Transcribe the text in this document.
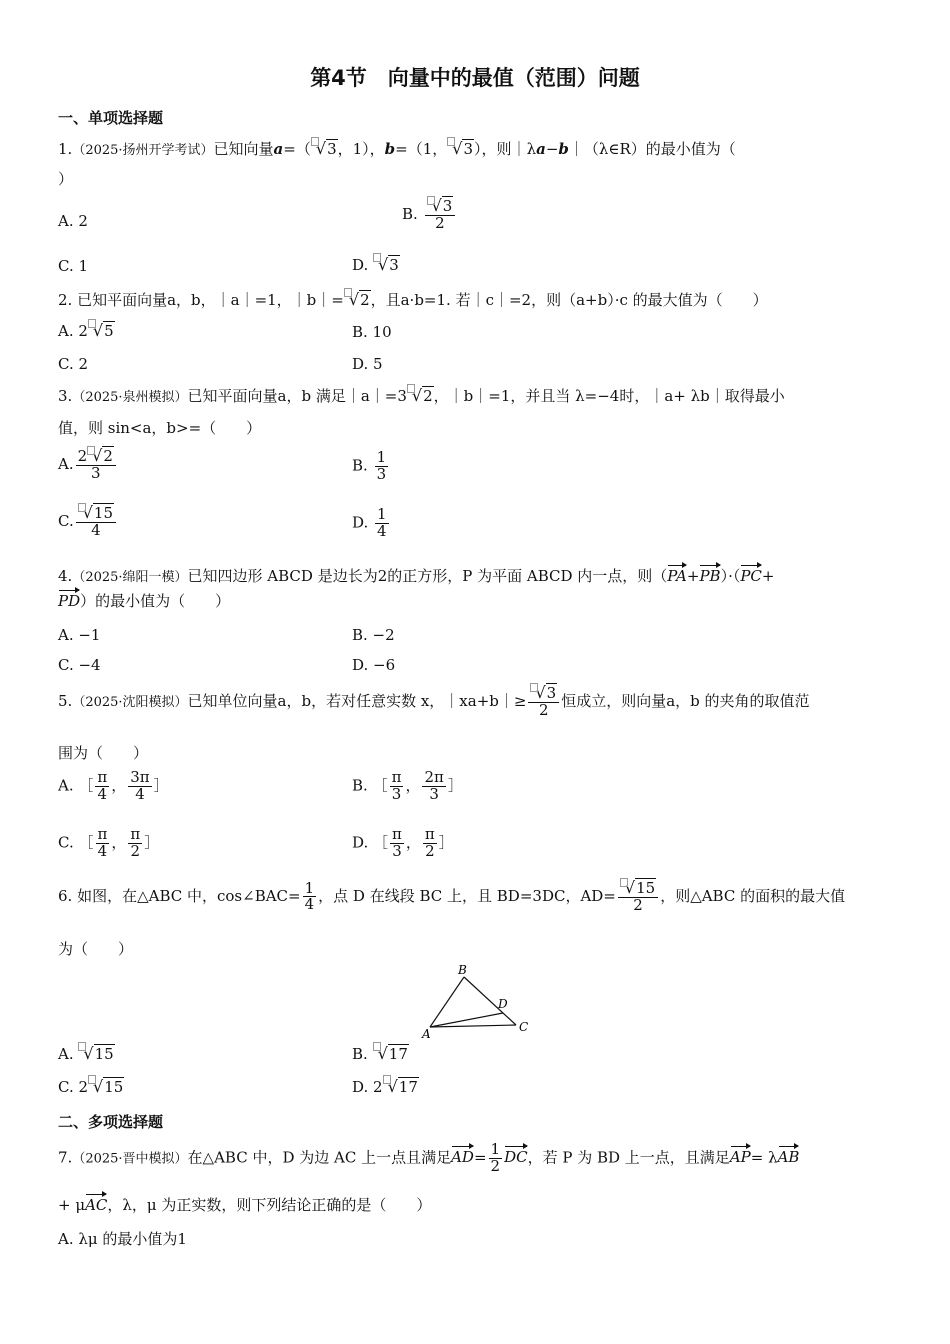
第4节　向量中的最值（范围）问题
一、单项选择题
1.（2025·扬州开学考试）已知向量a=（ √3，1），b=（1， √3），则｜λa−b｜（λ∈R）的最小值为（
）
A. 2	B. $\frac{√3}{2}$
C. 1	D. √3
2. 已知平面向量a，b，｜a｜=1，｜b｜= √2，且a·b=1. 若｜c｜=2，则（a+b）·c 的最大值为（　　）
A. 2 √5	B. 10
C. 2	D. 5
3.（2025·泉州模拟）已知平面向量a，b 满足｜a｜=3 √2，｜b｜=1，并且当 λ=−4时，｜a+ λb｜取得最小
值，则 sin<a，b>=（　　）
A. $\frac{2 √2}{3}$	B. $\frac{1}{3}$
C. $\frac{√15}{4}$	D. $\frac{1}{4}$
4.（2025·绵阳一模）已知四边形 ABCD 是边长为2的正方形，P 为平面 ABCD 内一点，则（PA+PB）·（PC+
PD）的最小值为（　　）
A. −1	B. −2
C. −4	D. −6
5.（2025·沈阳模拟）已知单位向量a，b，若对任意实数 x，｜xa+b｜≥ $\frac{√3}{2}$ 恒成立，则向量a，b 的夹角的取值范
围为（　　）
A. ［ $\frac{\pi}{4}$ ， $\frac{3\pi}{4}$ ］	B. ［ $\frac{\pi}{3}$ ， $\frac{2\pi}{3}$ ］
C. ［ $\frac{\pi}{4}$ ， $\frac{\pi}{2}$ ］	D. ［ $\frac{\pi}{3}$ ， $\frac{\pi}{2}$ ］
6. 如图，在△ABC 中，cos∠BAC= $\frac{1}{4}$ ，点 D 在线段 BC 上，且 BD=3DC，$AD= \frac{√15}{2}$ ，则△ABC 的面积的最大值
为（　　）
B
D
A	C
A. √15	B. √17
C. 2 √15	D. 2 √17
二、多项选择题
7.（2025·晋中模拟）在△ABC 中，D 为边 AC 上一点且满足$AD= \frac{1}{2}$ DC，若 P 为 BD 上一点，且满足AP= λAB
+ μAC，λ，μ 为正实数，则下列结论正确的是（　　）
A. λμ 的最小值为1
